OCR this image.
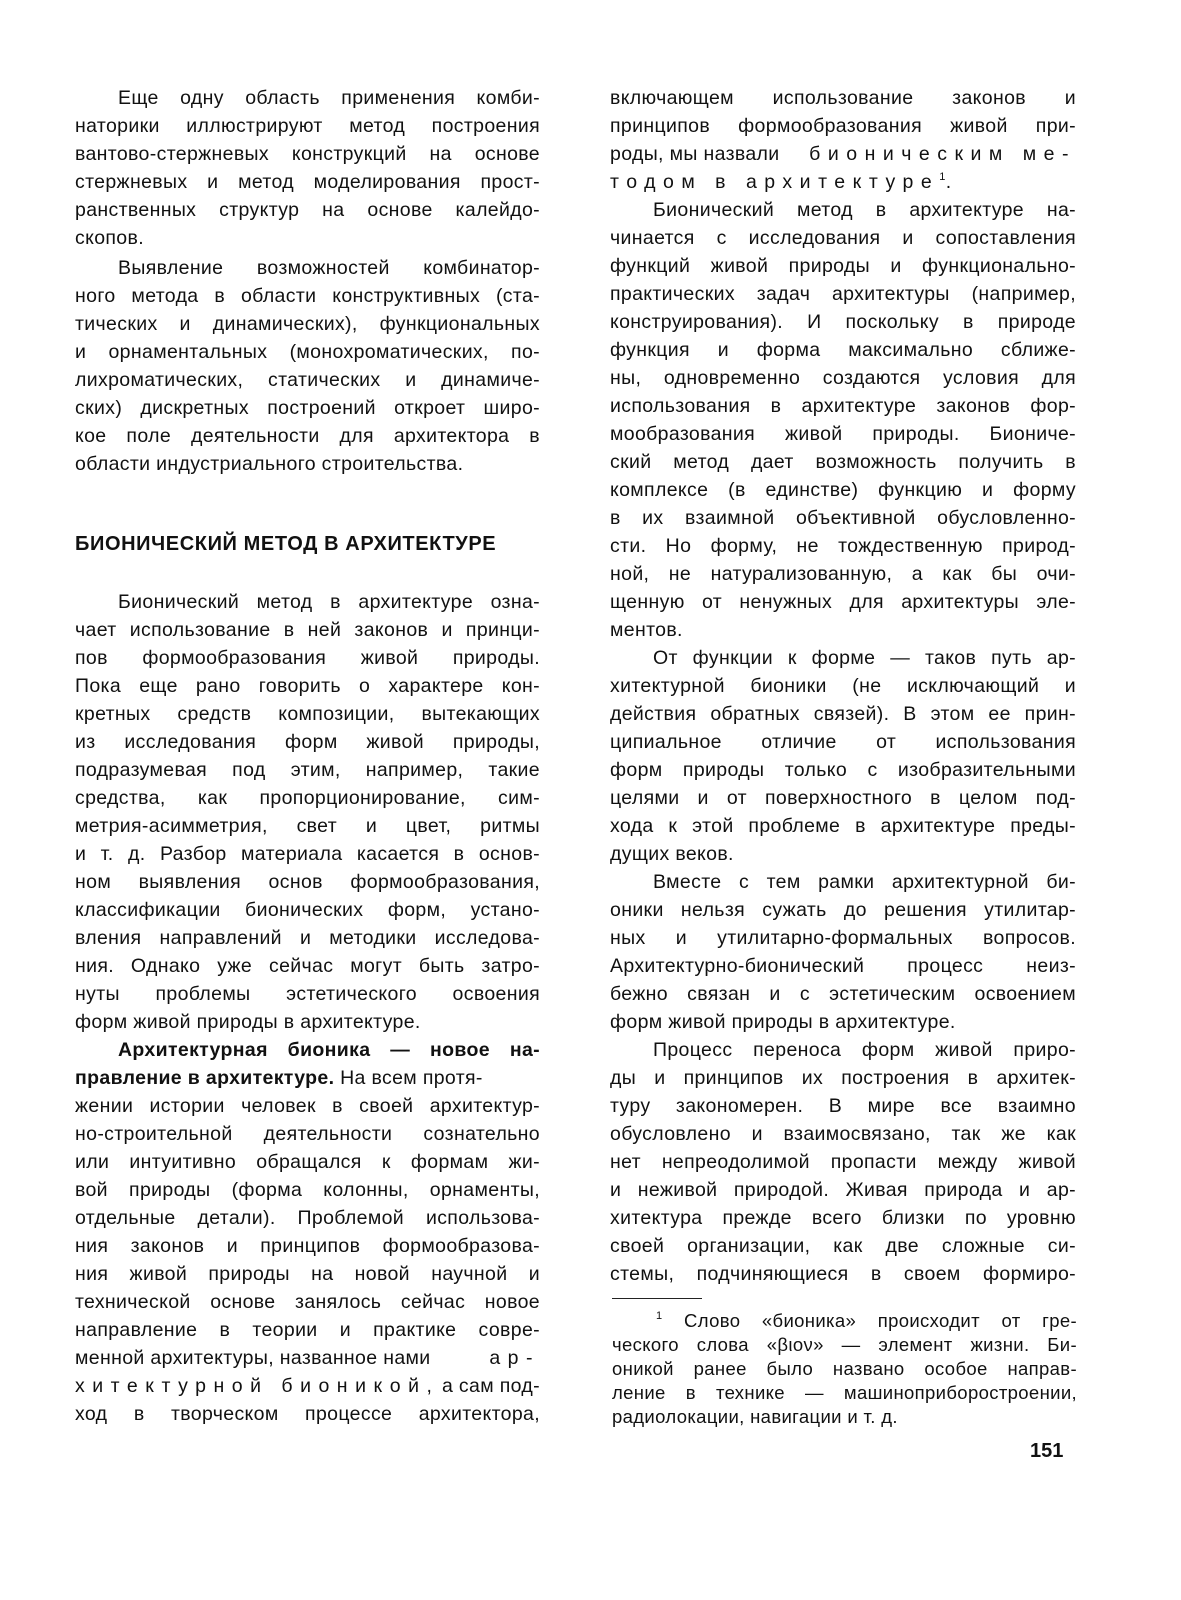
Еще одну область применения комби-
наторики иллюстрируют метод построения
вантово-стержневых конструкций на основе
стержневых и метод моделирования прост-
ранственных структур на основе калейдо-
скопов.
Выявление возможностей комбинатор-
ного метода в области конструктивных (ста-
тических и динамических), функциональных
и орнаментальных (монохроматических, по-
лихроматических, статических и динамиче-
ских) дискретных построений откроет широ-
кое поле деятельности для архитектора в
области индустриального строительства.
БИОНИЧЕСКИЙ МЕТОД В АРХИТЕКТУРЕ
Бионический метод в архитектуре озна-
чает использование в ней законов и принци-
пов формообразования живой природы.
Пока еще рано говорить о характере кон-
кретных средств композиции, вытекающих
из исследования форм живой природы,
подразумевая под этим, например, такие
средства, как пропорционирование, сим-
метрия-асимметрия, свет и цвет, ритмы
и т. д. Разбор материала касается в основ-
ном выявления основ формообразования,
классификации бионических форм, устано-
вления направлений и методики исследова-
ния. Однако уже сейчас могут быть затро-
нуты проблемы эстетического освоения
форм живой природы в архитектуре.
Архитектурная бионика — новое на-
правление в архитектуре. На всем протя-
жении истории человек в своей архитектур-
но-строительной деятельности сознательно
или интуитивно обращался к формам жи-
вой природы (форма колонны, орнаменты,
отдельные детали). Проблемой использова-
ния законов и принципов формообразова-
ния живой природы на новой научной и
технической основе занялось сейчас новое
направление в теории и практике совре-
менной архитектуры, названное нами	ар-
хитектурной бионикой, а сам под-
ход в творческом процессе архитектора,
включающем использование законов и
принципов формообразования живой при-
роды, мы назвали бионическим ме-
тодом в архитектуре$^1$.
Бионический метод в архитектуре на-
чинается с исследования и сопоставления
функций живой природы и функционально-
практических задач архитектуры (например,
конструирования). И поскольку в природе
функция и форма максимально сближе-
ны, одновременно создаются условия для
использования в архитектуре законов фор-
мообразования живой природы. Биониче-
ский метод дает возможность получить в
комплексе (в единстве) функцию и форму
в их взаимной объективной обусловленно-
сти. Но форму, не тождественную природ-
ной, не натурализованную, а как бы очи-
щенную от ненужных для архитектуры эле-
ментов.
От функции к форме — таков путь ар-
хитектурной бионики (не исключающий и
действия обратных связей). В этом ее прин-
ципиальное отличие от использования
форм природы только с изобразительными
целями и от поверхностного в целом под-
хода к этой проблеме в архитектуре преды-
дущих веков.
Вместе с тем рамки архитектурной би-
оники нельзя сужать до решения утилитар-
ных и утилитарно-формальных вопросов.
Архитектурно-бионический процесс неиз-
бежно связан и с эстетическим освоением
форм живой природы в архитектуре.
Процесс переноса форм живой приро-
ды и принципов их построения в архитек-
туру закономерен. В мире все взаимно
обусловлено и взаимосвязано, так же как
нет непреодолимой пропасти между живой
и неживой природой. Живая природа и ар-
хитектура прежде всего близки по уровню
своей организации, как две сложные си-
стемы, подчиняющиеся в своем формиро-
$^1$ Слово «бионика» происходит от гре-
ческого слова «βιον» — элемент жизни. Би-
оникой ранее было названо особое направ-
ление в технике — машиноприборостроении,
радиолокации, навигации и т. д.
151
